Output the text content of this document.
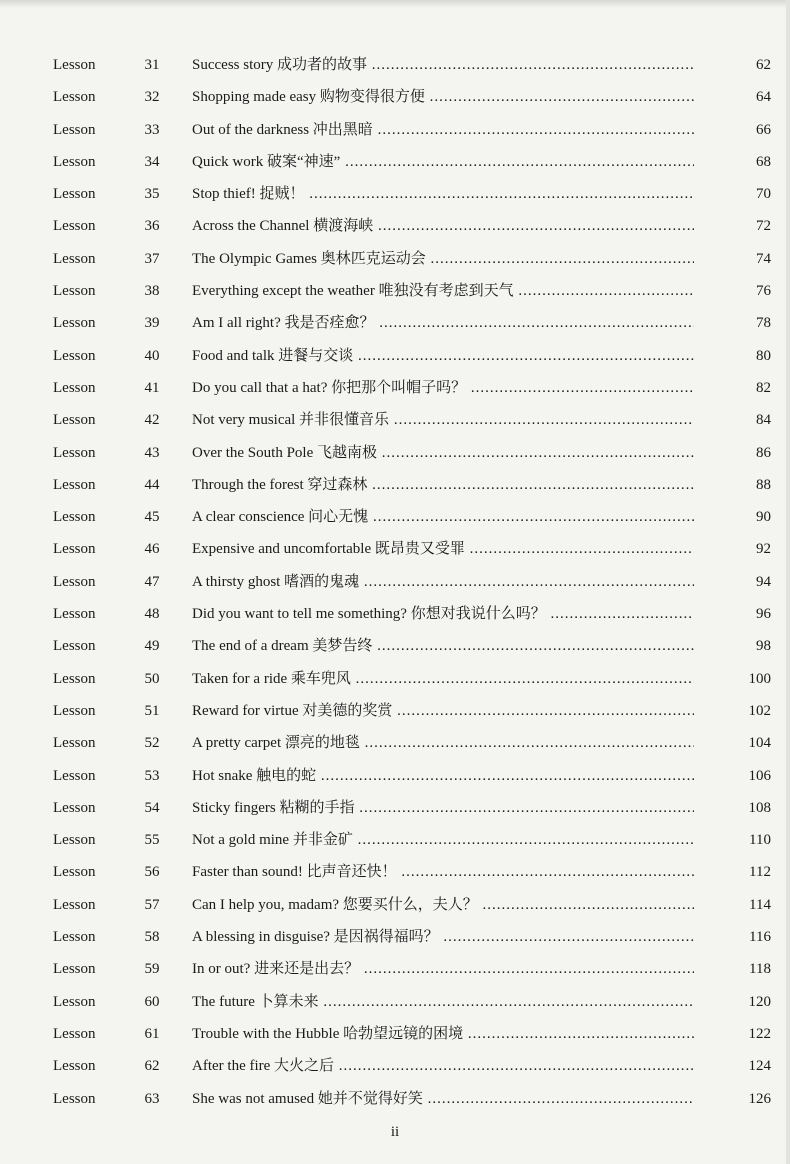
Lesson	31	Success story 成功者的故事 .....	62
Lesson	32	Shopping made easy 购物变得很方便 .....	64
Lesson	33	Out of the darkness 冲出黑暗 .....	66
Lesson	34	Quick work 破案“神速” .....	68
Lesson	35	Stop thief! 捉贼！ .....	70
Lesson	36	Across the Channel 横渡海峡 .....	72
Lesson	37	The Olympic Games 奥林匹克运动会 .....	74
Lesson	38	Everything except the weather 唯独没有考虑到天气 .....	76
Lesson	39	Am I all right? 我是否痊愈？ .....	78
Lesson	40	Food and talk 进餐与交谈 .....	80
Lesson	41	Do you call that a hat? 你把那个叫帽子吗？ .....	82
Lesson	42	Not very musical 并非很懂音乐 .....	84
Lesson	43	Over the South Pole 飞越南极 .....	86
Lesson	44	Through the forest 穿过森林 .....	88
Lesson	45	A clear conscience 问心无愧 .....	90
Lesson	46	Expensive and uncomfortable 既昂贵又受罪 .....	92
Lesson	47	A thirsty ghost 嗜酒的鬼魂 .....	94
Lesson	48	Did you want to tell me something? 你想对我说什么吗？ .....	96
Lesson	49	The end of a dream 美梦告终 .....	98
Lesson	50	Taken for a ride 乘车兜风 .....	100
Lesson	51	Reward for virtue 对美德的奖赏 .....	102
Lesson	52	A pretty carpet 漂亮的地毯 .....	104
Lesson	53	Hot snake 触电的蛇 .....	106
Lesson	54	Sticky fingers 粘糊的手指 .....	108
Lesson	55	Not a gold mine 并非金矿 .....	110
Lesson	56	Faster than sound! 比声音还快！ .....	112
Lesson	57	Can I help you, madam? 您要买什么，夫人？ .....	114
Lesson	58	A blessing in disguise? 是因祸得福吗？ .....	116
Lesson	59	In or out? 进来还是出去？ .....	118
Lesson	60	The future 卜算未来 .....	120
Lesson	61	Trouble with the Hubble 哈勃望远镜的困境 .....	122
Lesson	62	After the fire 大火之后 .....	124
Lesson	63	She was not amused 她并不觉得好笑 .....	126
ii
